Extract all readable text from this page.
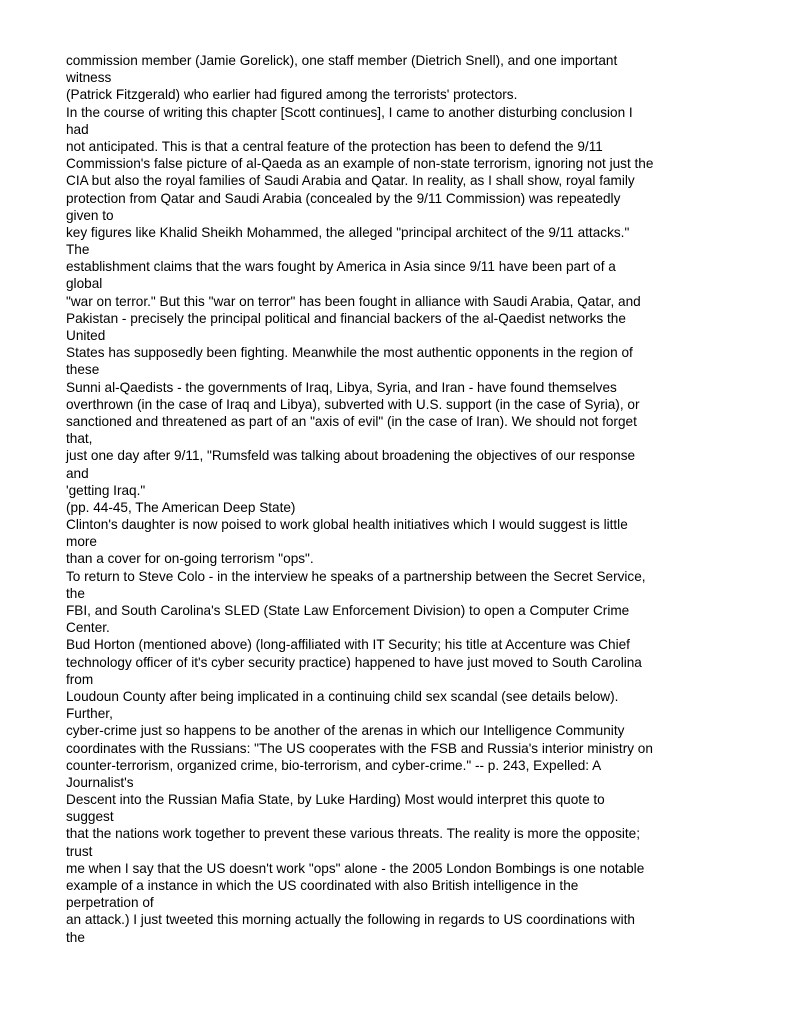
commission member (Jamie Gorelick), one staff member (Dietrich Snell), and one important
witness
(Patrick Fitzgerald) who earlier had figured among the terrorists' protectors.
In the course of writing this chapter [Scott continues], I came to another disturbing conclusion I
had
not anticipated. This is that a central feature of the protection has been to defend the 9/11
Commission's false picture of al-Qaeda as an example of non-state terrorism, ignoring not just the
CIA but also the royal families of Saudi Arabia and Qatar. In reality, as I shall show, royal family
protection from Qatar and Saudi Arabia (concealed by the 9/11 Commission) was repeatedly
given to
key figures like Khalid Sheikh Mohammed, the alleged "principal architect of the 9/11 attacks."
The
establishment claims that the wars fought by America in Asia since 9/11 have been part of a
global
"war on terror." But this "war on terror" has been fought in alliance with Saudi Arabia, Qatar, and
Pakistan - precisely the principal political and financial backers of the al-Qaedist networks the
United
States has supposedly been fighting. Meanwhile the most authentic opponents in the region of
these
Sunni al-Qaedists - the governments of Iraq, Libya, Syria, and Iran - have found themselves
overthrown (in the case of Iraq and Libya), subverted with U.S. support (in the case of Syria), or
sanctioned and threatened as part of an "axis of evil" (in the case of Iran). We should not forget
that,
just one day after 9/11, "Rumsfeld was talking about broadening the objectives of our response
and
'getting Iraq."
(pp. 44-45, The American Deep State)
Clinton's daughter is now poised to work global health initiatives which I would suggest is little
more
than a cover for on-going terrorism "ops".
To return to Steve Colo - in the interview he speaks of a partnership between the Secret Service,
the
FBI, and South Carolina's SLED (State Law Enforcement Division) to open a Computer Crime
Center.
Bud Horton (mentioned above) (long-affiliated with IT Security; his title at Accenture was Chief
technology officer of it's cyber security practice) happened to have just moved to South Carolina
from
Loudoun County after being implicated in a continuing child sex scandal (see details below).
Further,
cyber-crime just so happens to be another of the arenas in which our Intelligence Community
coordinates with the Russians: "The US cooperates with the FSB and Russia's interior ministry on
counter-terrorism, organized crime, bio-terrorism, and cyber-crime." -- p. 243, Expelled: A
Journalist's
Descent into the Russian Mafia State, by Luke Harding) Most would interpret this quote to
suggest
that the nations work together to prevent these various threats. The reality is more the opposite;
trust
me when I say that the US doesn't work "ops" alone - the 2005 London Bombings is one notable
example of a instance in which the US coordinated with also British intelligence in the
perpetration of
an attack.) I just tweeted this morning actually the following in regards to US coordinations with
the
